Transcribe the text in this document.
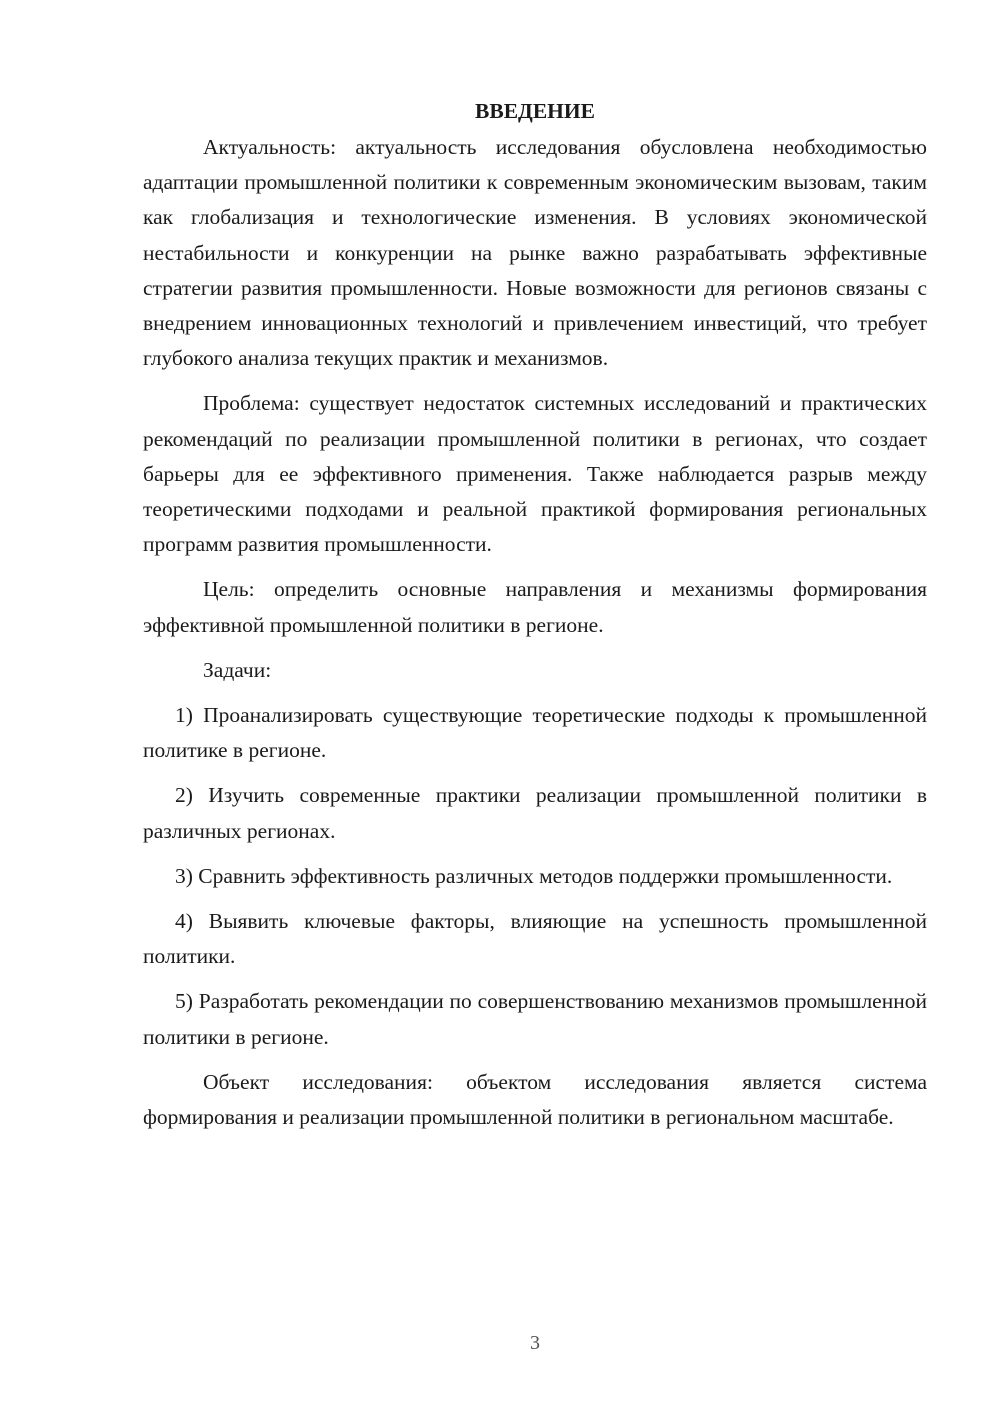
ВВЕДЕНИЕ

Актуальность: актуальность исследования обусловлена необходимостью адаптации промышленной политики к современным экономическим вызовам, таким как глобализация и технологические изменения. В условиях экономической нестабильности и конкуренции на рынке важно разрабатывать эффективные стратегии развития промышленности. Новые возможности для регионов связаны с внедрением инновационных технологий и привлечением инвестиций, что требует глубокого анализа текущих практик и механизмов.

Проблема: существует недостаток системных исследований и практических рекомендаций по реализации промышленной политики в регионах, что создает барьеры для ее эффективного применения. Также наблюдается разрыв между теоретическими подходами и реальной практикой формирования региональных программ развития промышленности.

Цель: определить основные направления и механизмы формирования эффективной промышленной политики в регионе.

Задачи:

1) Проанализировать существующие теоретические подходы к промышленной политике в регионе.

2) Изучить современные практики реализации промышленной политики в различных регионах.

3) Сравнить эффективность различных методов поддержки промышленности.

4) Выявить ключевые факторы, влияющие на успешность промышленной политики.

5) Разработать рекомендации по совершенствованию механизмов промышленной политики в регионе.

Объект исследования: объектом исследования является система формирования и реализации промышленной политики в региональном масштабе.

3
